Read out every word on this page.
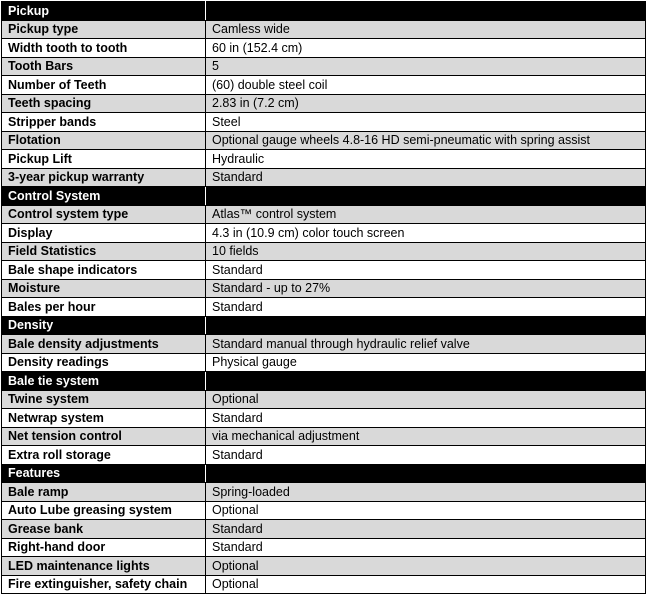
Pickup	
Pickup type	Camless wide
Width tooth to tooth	60 in (152.4 cm)
Tooth Bars	5
Number of Teeth	(60) double steel coil
Teeth spacing	2.83 in (7.2 cm)
Stripper bands	Steel
Flotation	Optional gauge wheels 4.8-16 HD semi-pneumatic with spring assist
Pickup Lift	Hydraulic
3-year pickup warranty	Standard
Control System	
Control system type	Atlas™ control system
Display	4.3 in (10.9 cm) color touch screen
Field Statistics	10 fields
Bale shape indicators	Standard
Moisture	Standard - up to 27%
Bales per hour	Standard
Density	
Bale density adjustments	Standard manual through hydraulic relief valve
Density readings	Physical gauge
Bale tie system	
Twine system	Optional
Netwrap system	Standard
Net tension control	via mechanical adjustment
Extra roll storage	Standard
Features	
Bale ramp	Spring-loaded
Auto Lube greasing system	Optional
Grease bank	Standard
Right-hand door	Standard
LED maintenance lights	Optional
Fire extinguisher, safety chain	Optional
